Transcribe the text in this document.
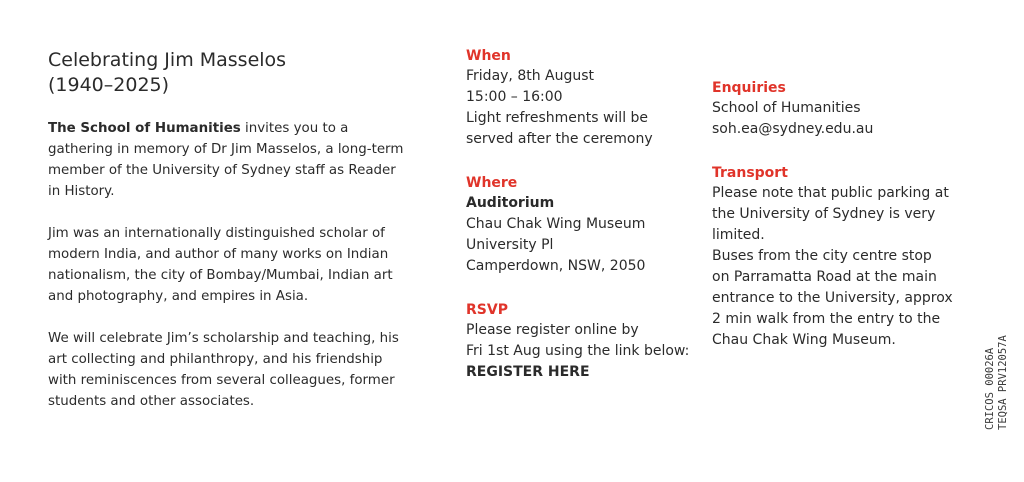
Celebrating Jim Masselos
(1940–2025)

The School of Humanities invites you to a gathering in memory of Dr Jim Masselos, a long-term member of the University of Sydney staff as Reader in History.

Jim was an internationally distinguished scholar of modern India, and author of many works on Indian nationalism, the city of Bombay/Mumbai, Indian art and photography, and empires in Asia.

We will celebrate Jim’s scholarship and teaching, his art collecting and philanthropy, and his friendship with reminiscences from several colleagues, former students and other associates.

When
Friday, 8th August
15:00 – 16:00
Light refreshments will be
served after the ceremony
Where
Auditorium
Chau Chak Wing Museum
University Pl
Camperdown, NSW, 2050
RSVP
Please register online by
Fri 1st Aug using the link below:
REGISTER HERE
Enquiries
School of Humanities
soh.ea@sydney.edu.au
Transport
Please note that public parking at
the University of Sydney is very
limited.
Buses from the city centre stop
on Parramatta Road at the main
entrance to the University, approx
2 min walk from the entry to the
Chau Chak Wing Museum.
CRICOS 00026A TEQSA PRV12057A
